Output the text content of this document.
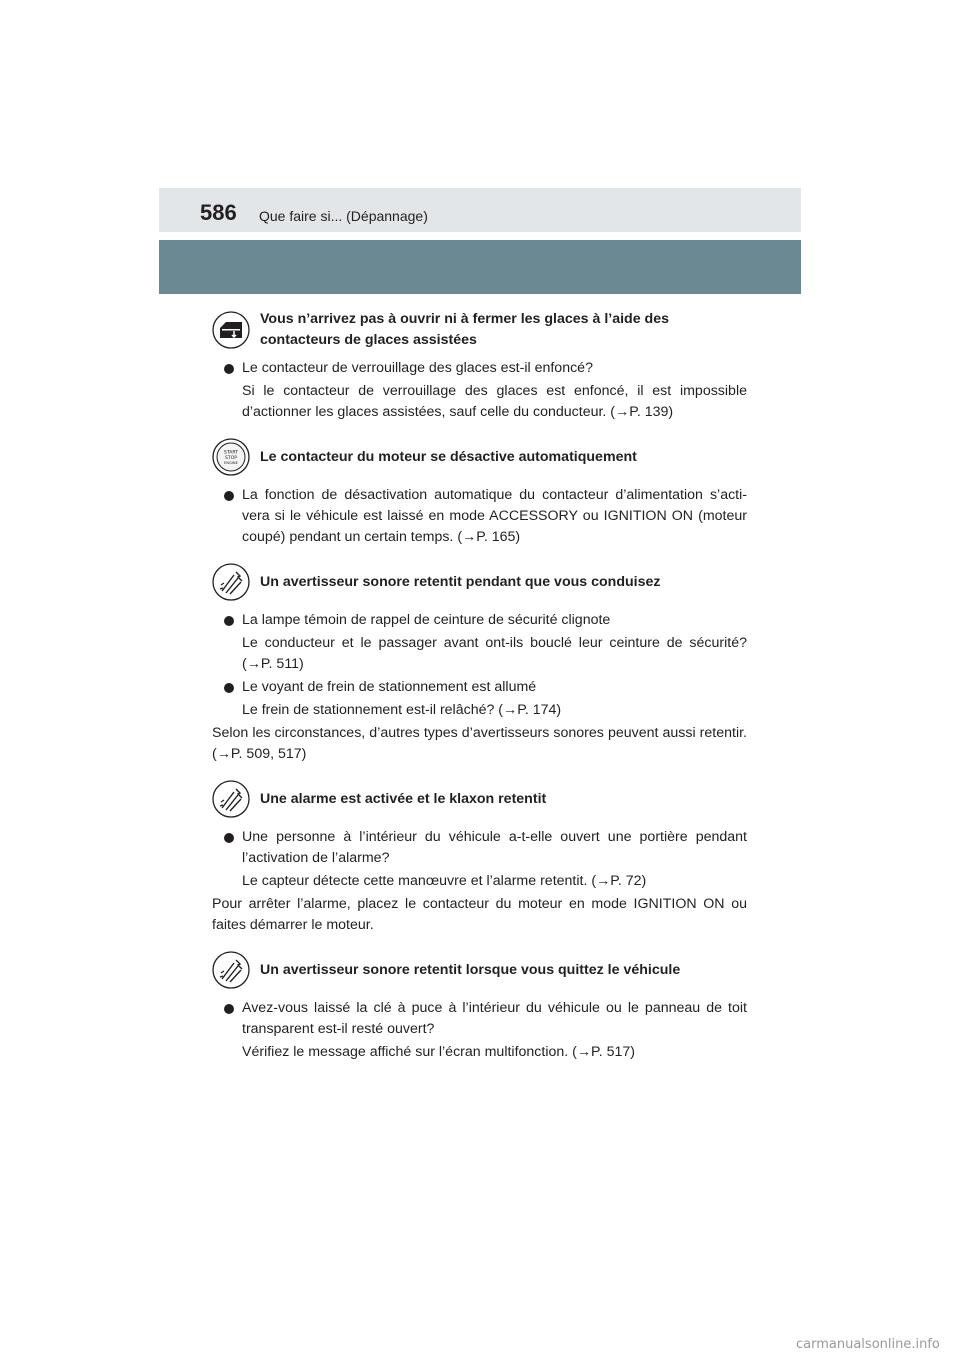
586 Que faire si... (Dépannage)
Vous n’arrivez pas à ouvrir ni à fermer les glaces à l’aide des contacteurs de glaces assistées
Le contacteur de verrouillage des glaces est-il enfoncé?
Si le contacteur de verrouillage des glaces est enfoncé, il est impossible d’actionner les glaces assistées, sauf celle du conducteur. (→P. 139)
START
STOP
ENGINE Le contacteur du moteur se désactive automatiquement
La fonction de désactivation automatique du contacteur d’alimentation s’acti- vera si le véhicule est laissé en mode ACCESSORY ou IGNITION ON (moteur coupé) pendant un certain temps. (→P. 165)
Un avertisseur sonore retentit pendant que vous conduisez
La lampe témoin de rappel de ceinture de sécurité clignote
Le conducteur et le passager avant ont-ils bouclé leur ceinture de sécurité? (→P. 511)
Le voyant de frein de stationnement est allumé
Le frein de stationnement est-il relâché? (→P. 174)
Selon les circonstances, d’autres types d’avertisseurs sonores peuvent aussi retentir. (→P. 509, 517)
Une alarme est activée et le klaxon retentit
Une personne à l’intérieur du véhicule a-t-elle ouvert une portière pendant l’activation de l’alarme?
Le capteur détecte cette manœuvre et l’alarme retentit. (→P. 72)
Pour arrêter l’alarme, placez le contacteur du moteur en mode IGNITION ON ou faites démarrer le moteur.
Un avertisseur sonore retentit lorsque vous quittez le véhicule
Avez-vous laissé la clé à puce à l’intérieur du véhicule ou le panneau de toit transparent est-il resté ouvert?
Vérifiez le message affiché sur l’écran multifonction. (→P. 517)
carmanualsonline.info
